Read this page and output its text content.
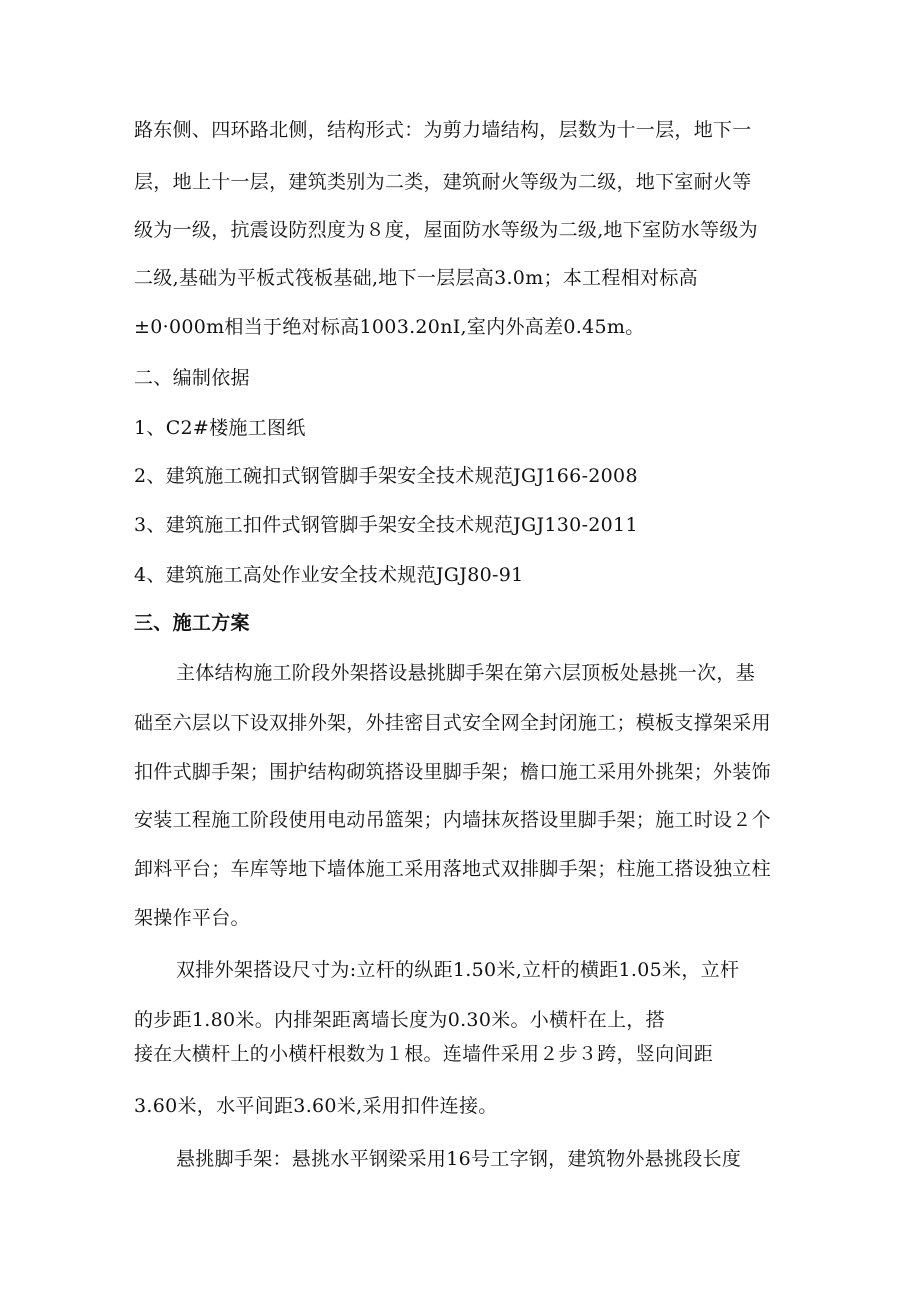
路东侧、四环路北侧，结构形式：为剪力墙结构，层数为十一层，地下一
层，地上十一层，建筑类别为二类，建筑耐火等级为二级，地下室耐火等
级为一级，抗震设防烈度为８度，屋面防水等级为二级,地下室防水等级为
二级,基础为平板式筏板基础,地下一层层高3.0m；本工程相对标高
±0·000m相当于绝对标高1003.20nI,室内外高差0.45m。
二、编制依据
1、C2#楼施工图纸
2、建筑施工碗扣式钢管脚手架安全技术规范JGJ166-2008
3、建筑施工扣件式钢管脚手架安全技术规范JGJ130-2011
4、建筑施工高处作业安全技术规范JGJ80-91
三、施工方案
主体结构施工阶段外架搭设悬挑脚手架在第六层顶板处悬挑一次，基
础至六层以下设双排外架，外挂密目式安全网全封闭施工；模板支撑架采用
扣件式脚手架；围护结构砌筑搭设里脚手架；檐口施工采用外挑架；外装饰
安装工程施工阶段使用电动吊篮架；内墙抹灰搭设里脚手架；施工时设２个
卸料平台；车库等地下墙体施工采用落地式双排脚手架；柱施工搭设独立柱
架操作平台。
双排外架搭设尺寸为:立杆的纵距1.50米,立杆的横距1.05米，立杆
的步距1.80米。内排架距离墙长度为0.30米。小横杆在上，搭
接在大横杆上的小横杆根数为１根。连墙件采用２步３跨，竖向间距
3.60米，水平间距3.60米,采用扣件连接。
悬挑脚手架：悬挑水平钢梁采用16号工字钢，建筑物外悬挑段长度
